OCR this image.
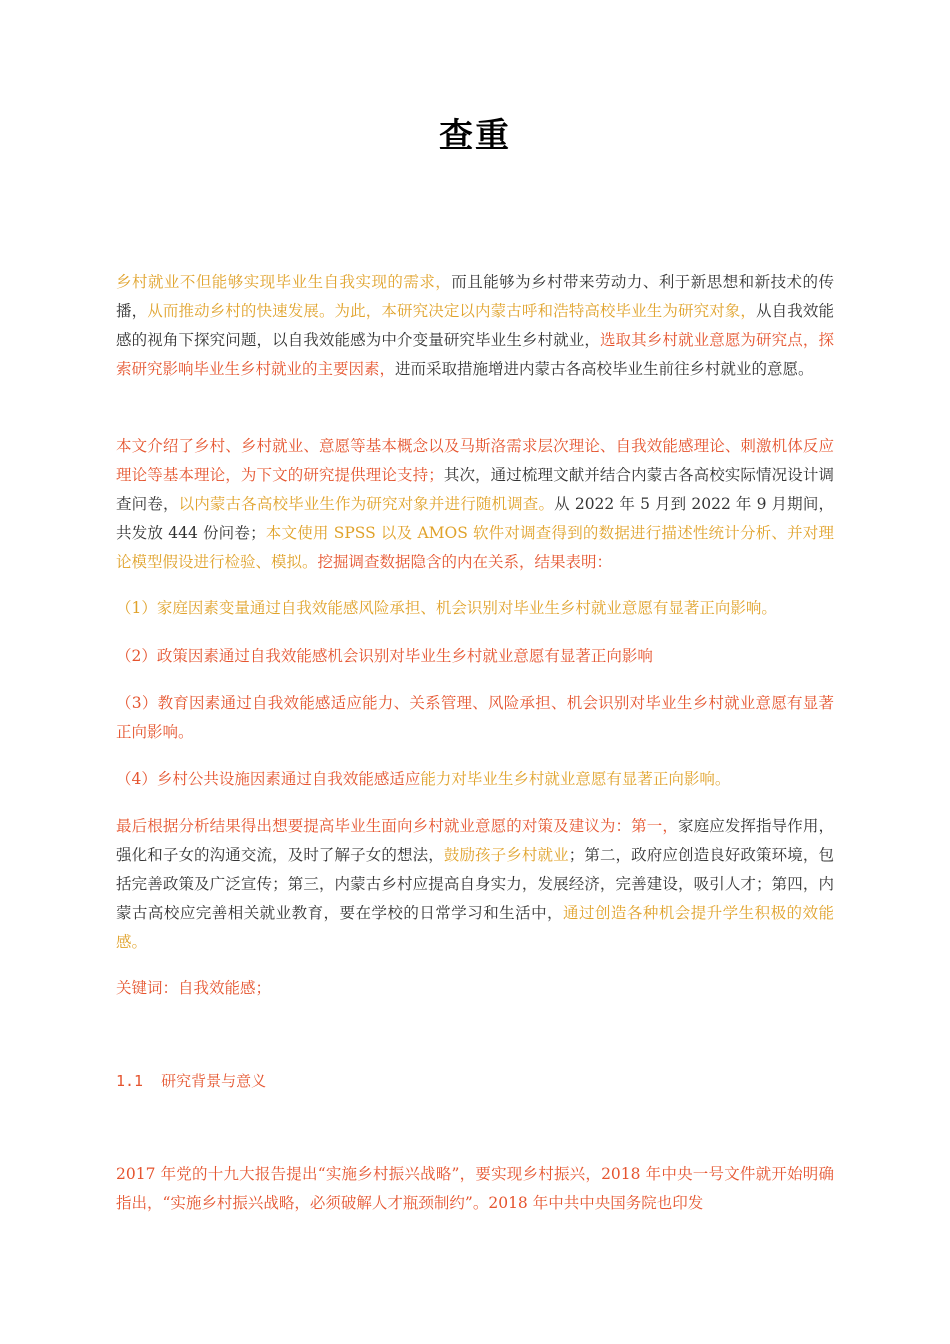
查重
乡村就业不但能够实现毕业生自我实现的需求，而且能够为乡村带来劳动力、利于新思想和新技术的传播，从而推动乡村的快速发展。为此，本研究决定以内蒙古呼和浩特高校毕业生为研究对象，从自我效能感的视角下探究问题，以自我效能感为中介变量研究毕业生乡村就业，选取其乡村就业意愿为研究点，探索研究影响毕业生乡村就业的主要因素，进而采取措施增进内蒙古各高校毕业生前往乡村就业的意愿。
本文介绍了乡村、乡村就业、意愿等基本概念以及马斯洛需求层次理论、自我效能感理论、刺激机体反应理论等基本理论，为下文的研究提供理论支持；其次，通过梳理文献并结合内蒙古各高校实际情况设计调查问卷，以内蒙古各高校毕业生作为研究对象并进行随机调查。从 2022 年 5 月到 2022 年 9 月期间，共发放 444 份问卷；本文使用 SPSS 以及 AMOS 软件对调查得到的数据进行描述性统计分析、并对理论模型假设进行检验、模拟。挖掘调查数据隐含的内在关系，结果表明：
（1）家庭因素变量通过自我效能感风险承担、机会识别对毕业生乡村就业意愿有显著正向影响。
（2）政策因素通过自我效能感机会识别对毕业生乡村就业意愿有显著正向影响
（3）教育因素通过自我效能感适应能力、关系管理、风险承担、机会识别对毕业生乡村就业意愿有显著正向影响。
（4）乡村公共设施因素通过自我效能感适应能力对毕业生乡村就业意愿有显著正向影响。
最后根据分析结果得出想要提高毕业生面向乡村就业意愿的对策及建议为：第一，家庭应发挥指导作用，强化和子女的沟通交流，及时了解子女的想法，鼓励孩子乡村就业；第二，政府应创造良好政策环境，包括完善政策及广泛宣传；第三，内蒙古乡村应提高自身实力，发展经济，完善建设，吸引人才；第四，内蒙古高校应完善相关就业教育，要在学校的日常学习和生活中，通过创造各种机会提升学生积极的效能感。
关键词：自我效能感；
1.1 研究背景与意义
2017 年党的十九大报告提出“实施乡村振兴战略”，要实现乡村振兴，2018 年中央一号文件就开始明确指出，“实施乡村振兴战略，必须破解人才瓶颈制约”。2018 年中共中央国务院也印发
